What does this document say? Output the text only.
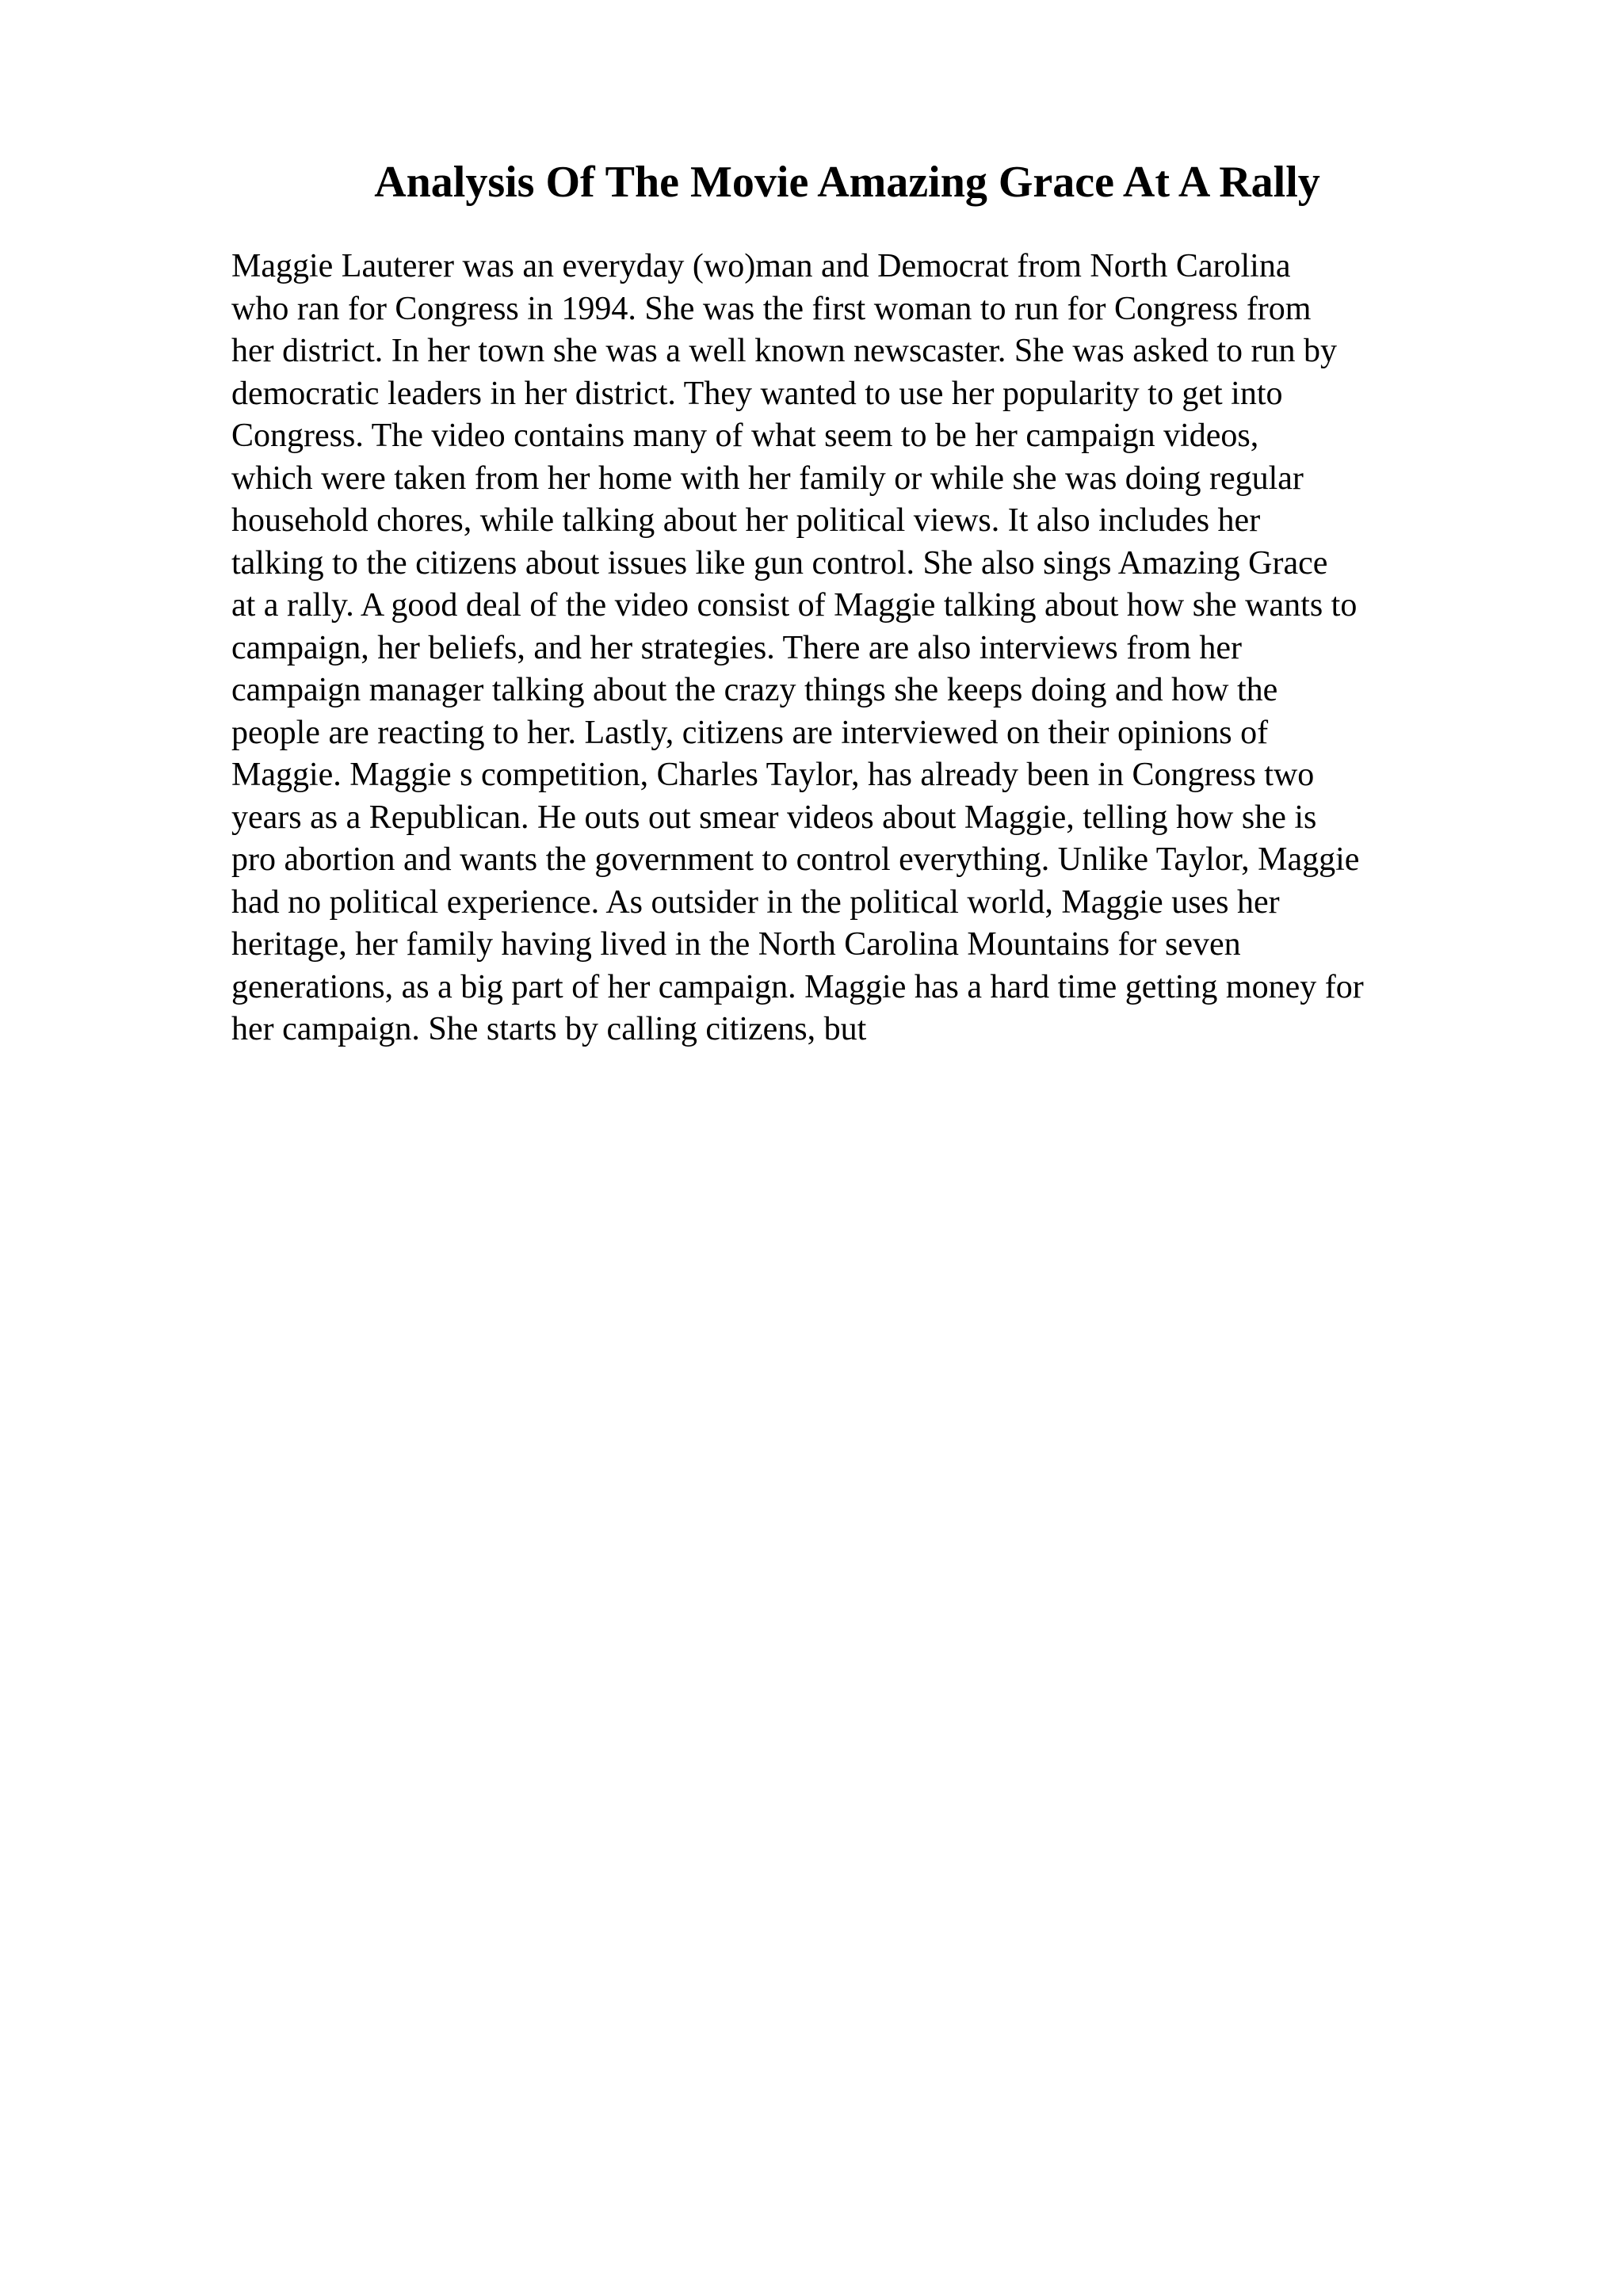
Analysis Of The Movie Amazing Grace At A Rally
Maggie Lauterer was an everyday (wo)man and Democrat from North Carolina
who ran for Congress in 1994. She was the first woman to run for Congress from
her district. In her town she was a well known newscaster. She was asked to run by
democratic leaders in her district. They wanted to use her popularity to get into
Congress. The video contains many of what seem to be her campaign videos,
which were taken from her home with her family or while she was doing regular
household chores, while talking about her political views. It also includes her
talking to the citizens about issues like gun control. She also sings Amazing Grace
at a rally. A good deal of the video consist of Maggie talking about how she wants to
campaign, her beliefs, and her strategies. There are also interviews from her
campaign manager talking about the crazy things she keeps doing and how the
people are reacting to her. Lastly, citizens are interviewed on their opinions of
Maggie. Maggie s competition, Charles Taylor, has already been in Congress two
years as a Republican. He outs out smear videos about Maggie, telling how she is
pro abortion and wants the government to control everything. Unlike Taylor, Maggie
had no political experience. As outsider in the political world, Maggie uses her
heritage, her family having lived in the North Carolina Mountains for seven
generations, as a big part of her campaign. Maggie has a hard time getting money for
her campaign. She starts by calling citizens, but
